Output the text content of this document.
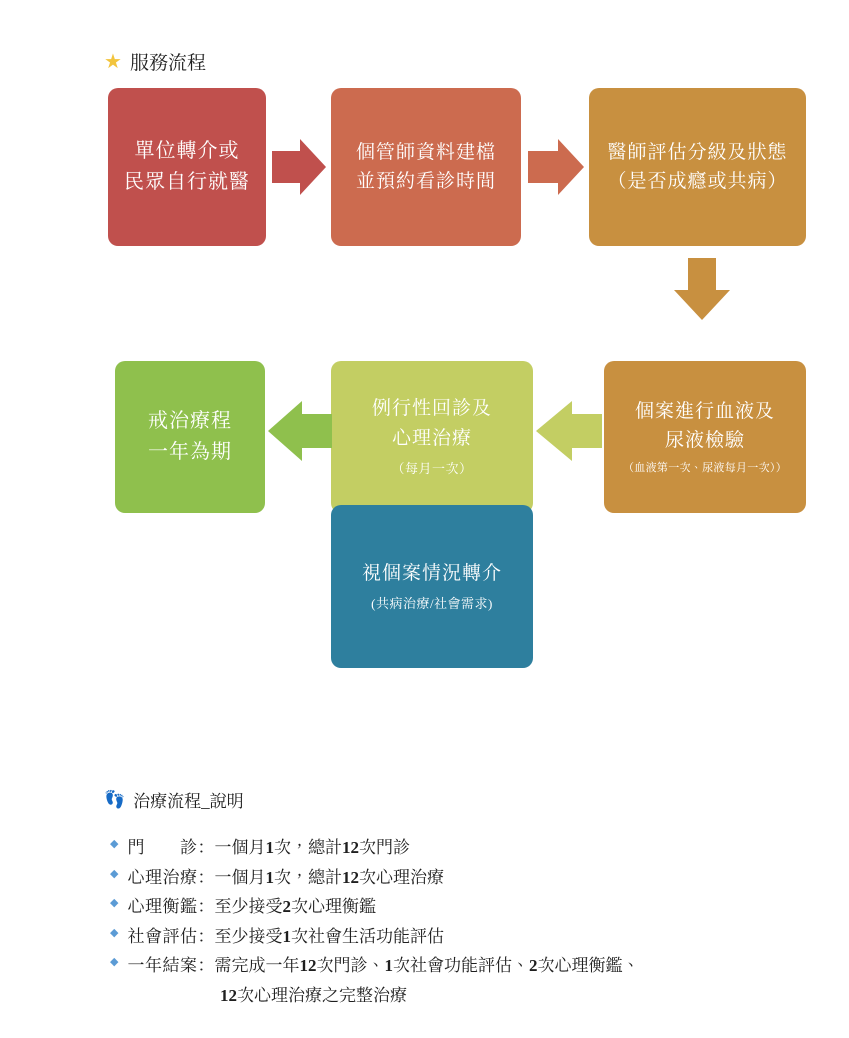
★ 服務流程
單位轉介或
民眾自行就醫
個管師資料建檔
並預約看診時間
醫師評估分級及狀態
（是否成癮或共病）
個案進行血液及
尿液檢驗
（血液第一次、尿液每月一次））
例行性回診及
心理治療
（每月一次）
戒治療程
一年為期
視個案情況轉介
(共病治療/社會需求)
👣 治療流程_說明
◆ 門　　診 ： 一個月1次，總計12次門診
◆ 心理治療 ： 一個月1次，總計12次心理治療
◆ 心理衡鑑 ： 至少接受2次心理衡鑑
◆ 社會評估 ： 至少接受1次社會生活功能評估
◆ 一年結案 ： 需完成一年12次門診、1次社會功能評估、2次心理衡鑑、
12次心理治療之完整治療
